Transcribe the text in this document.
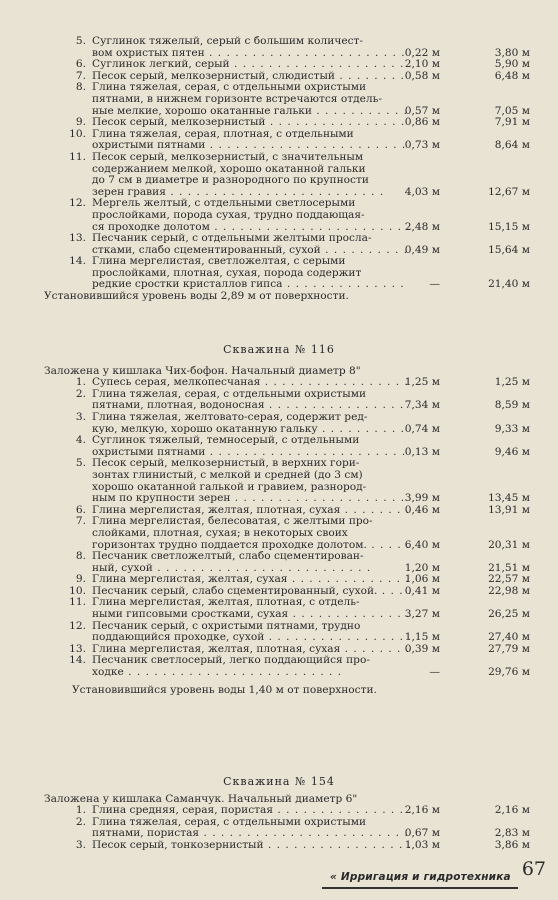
5. Суглинок тяжелый, серый с большим количест-
вом охристых пятен . . .	0,22 м	3,80 м
6. Суглинок легкий, серый . . .	2,10 м	5,90 м
7. Песок серый, мелкозернистый, слюдистый . . .	0,58 м	6,48 м
8. Глина тяжелая, серая, с отдельными охристыми
пятнами, в нижнем горизонте встречаются отдель-
ные мелкие, хорошо окатанные гальки . . .	0,57 м	7,05 м
9. Песок серый, мелкозернистый . . .	0,86 м	7,91 м
10. Глина тяжелая, серая, плотная, с отдельными
охристыми пятнами . . .	0,73 м	8,64 м
11. Песок серый, мелкозернистый, с значительным
содержанием мелкой, хорошо окатанной гальки
до 7 см в диаметре и разнородного по крупности
зерен гравия . . .	4,03 м	12,67 м
12. Мергель желтый, с отдельными светлосерыми
прослойками, порода сухая, трудно поддающая-
ся проходке долотом . . .	2,48 м	15,15 м
13. Песчаник серый, с отдельными желтыми просла-
стками, слабо сцементированный, сухой . . .	0,49 м	15,64 м
14. Глина мергелистая, светложелтая, с серыми
прослойками, плотная, сухая, порода содержит
редкие сростки кристаллов гипса . . .	—	21,40 м
Установившийся уровень воды 2,89 м от поверхности.
Скважина № 116
Заложена у кишлака Чих-бофон. Начальный диаметр 8"
1. Супесь серая, мелкопесчаная . . .	1,25 м	1,25 м
2. Глина тяжелая, серая, с отдельными охристыми
пятнами, плотная, водоносная . . .	7,34 м	8,59 м
3. Глина тяжелая, желтовато-серая, содержит ред-
кую, мелкую, хорошо окатанную гальку . . .	0,74 м	9,33 м
4. Суглинок тяжелый, темносерый, с отдельными
охристыми пятнами . . .	0,13 м	9,46 м
5. Песок серый, мелкозернистый, в верхних гори-
зонтах глинистый, с мелкой и средней (до 3 см)
хорошо окатанной галькой и гравием, разнород-
ным по крупности зерен . . .	3,99 м	13,45 м
6. Глина мергелистая, желтая, плотная, сухая . . .	0,46 м	13,91 м
7. Глина мергелистая, белесоватая, с желтыми про-
слойками, плотная, сухая; в некоторых своих
горизонтах трудно поддается проходке долотом. . . .	6,40 м	20,31 м
8. Песчаник светложелтый, слабо сцементирован-
ный, сухой . . .	1,20 м	21,51 м
9. Глина мергелистая, желтая, сухая . . .	1,06 м	22,57 м
10. Песчаник серый, слабо сцементированный, сухой. . . .	0,41 м	22,98 м
11. Глина мергелистая, желтая, плотная, с отдель-
ными гипсовыми сростками, сухая . . .	3,27 м	26,25 м
12. Песчаник серый, с охристыми пятнами, трудно
поддающийся проходке, сухой . . .	1,15 м	27,40 м
13. Глина мергелистая, желтая, плотная, сухая . . .	0,39 м	27,79 м
14. Песчаник светлосерый, легко поддающийся про-
ходке . . .	—	29,76 м
Установившийся уровень воды 1,40 м от поверхности.
Скважина № 154
Заложена у кишлака Саманчук. Начальный диаметр 6"
1. Глина средняя, серая, пористая . . .	2,16 м	2,16 м
2. Глина тяжелая, серая, с отдельными охристыми
пятнами, пористая . . .	0,67 м	2,83 м
3. Песок серый, тонкозернистый . . .	1,03 м	3,86 м
« Ирригация и гидротехника 67
